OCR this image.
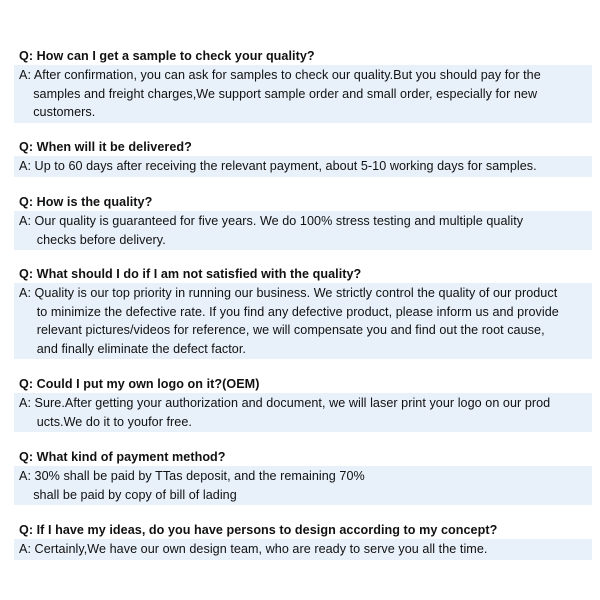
Q: How can I get a sample to check your quality?
A: After confirmation, you can ask for samples to check our quality.But you should pay for the
samples and freight charges,We support sample order and small order, especially for new
customers.
Q: When will it be delivered?
A: Up to 60 days after receiving the relevant payment, about 5-10 working days for samples.
Q: How is the quality?
A: Our quality is guaranteed for five years. We do 100% stress testing and multiple quality
checks before delivery.
Q: What should I do if I am not satisfied with the quality?
A: Quality is our top priority in running our business. We strictly control the quality of our product
to minimize the defective rate. If you find any defective product, please inform us and provide
relevant pictures/videos for reference, we will compensate you and find out the root cause,
and finally eliminate the defect factor.
Q: Could I put my own logo on it?(OEM)
A: Sure.After getting your authorization and document, we will laser print your logo on our prod
ucts.We do it to youfor free.
Q: What kind of payment method?
A: 30% shall be paid by TTas deposit, and the remaining 70%
shall be paid by copy of bill of lading
Q: If I have my ideas, do you have persons to design according to my concept?
A: Certainly,We have our own design team, who are ready to serve you all the time.
